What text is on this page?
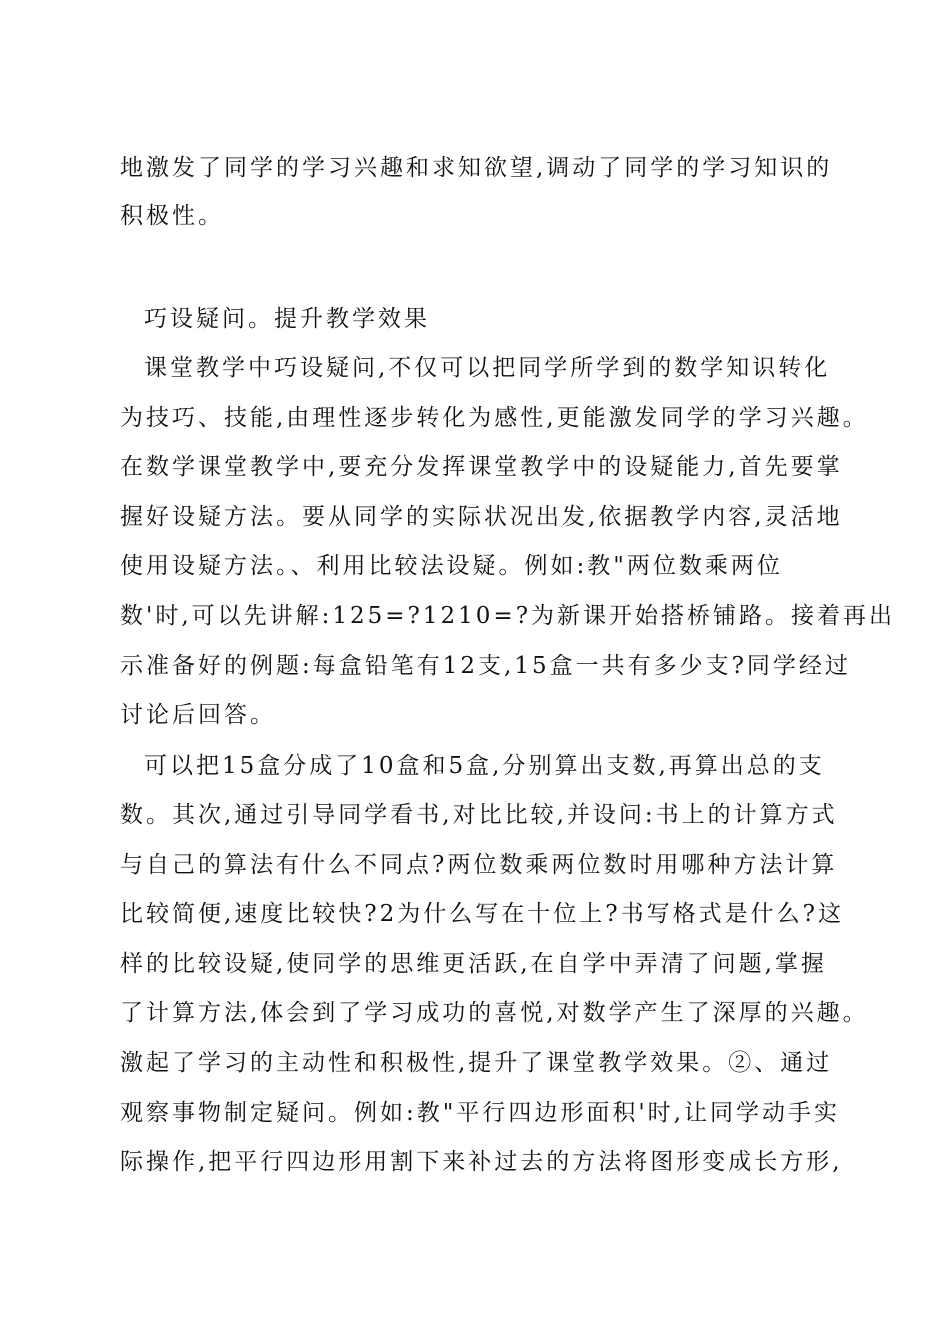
地激发了同学的学习兴趣和求知欲望,调动了同学的学习知识的
积极性。
巧设疑问。提升教学效果
课堂教学中巧设疑问,不仅可以把同学所学到的数学知识转化
为技巧、技能,由理性逐步转化为感性,更能激发同学的学习兴趣。
在数学课堂教学中,要充分发挥课堂教学中的设疑能力,首先要掌
握好设疑方法。要从同学的实际状况出发,依据教学内容,灵活地
使用设疑方法。、利用比较法设疑。例如:教"两位数乘两位
数'时,可以先讲解:125=?1210=?为新课开始搭桥铺路。接着再出
示准备好的例题:每盒铅笔有12支,15盒一共有多少支?同学经过
讨论后回答。
可以把15盒分成了10盒和5盒,分别算出支数,再算出总的支
数。其次,通过引导同学看书,对比比较,并设问:书上的计算方式
与自己的算法有什么不同点?两位数乘两位数时用哪种方法计算
比较简便,速度比较快?2为什么写在十位上?书写格式是什么?这
样的比较设疑,使同学的思维更活跃,在自学中弄清了问题,掌握
了计算方法,体会到了学习成功的喜悦,对数学产生了深厚的兴趣。
激起了学习的主动性和积极性,提升了课堂教学效果。②、通过
观察事物制定疑问。例如:教"平行四边形面积'时,让同学动手实
际操作,把平行四边形用割下来补过去的方法将图形变成长方形,
